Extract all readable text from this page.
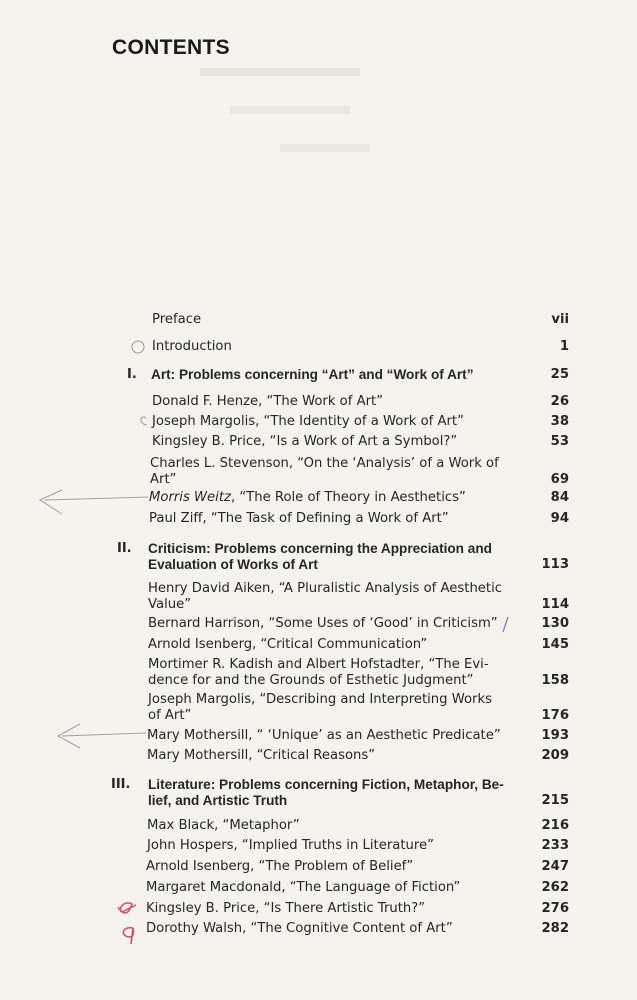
CONTENTS
Preface	vii
Introduction	1
I. Art: Problems concerning “Art” and “Work of Art”	25
Donald F. Henze, “The Work of Art”	26
Joseph Margolis, “The Identity of a Work of Art”	38
Kingsley B. Price, “Is a Work of Art a Symbol?”	53
Charles L. Stevenson, “On the ‘Analysis’ of a Work of
Art”	69
Morris Weitz, “The Role of Theory in Aesthetics”	84
Paul Ziff, “The Task of Defining a Work of Art”	94
II. Criticism: Problems concerning the Appreciation and
Evaluation of Works of Art	113
Henry David Aiken, “A Pluralistic Analysis of Aesthetic
Value”	114
Bernard Harrison, “Some Uses of ‘Good’ in Criticism”	130
Arnold Isenberg, “Critical Communication”	145
Mortimer R. Kadish and Albert Hofstadter, “The Evi-
dence for and the Grounds of Esthetic Judgment”	158
Joseph Margolis, “Describing and Interpreting Works
of Art”	176
Mary Mothersill, “ ‘Unique’ as an Aesthetic Predicate”	193
Mary Mothersill, “Critical Reasons”	209
III. Literature: Problems concerning Fiction, Metaphor, Be-
lief, and Artistic Truth	215
Max Black, “Metaphor”	216
John Hospers, “Implied Truths in Literature”	233
Arnold Isenberg, “The Problem of Belief”	247
Margaret Macdonald, “The Language of Fiction”	262
Kingsley B. Price, “Is There Artistic Truth?”	276
Dorothy Walsh, “The Cognitive Content of Art”	282
